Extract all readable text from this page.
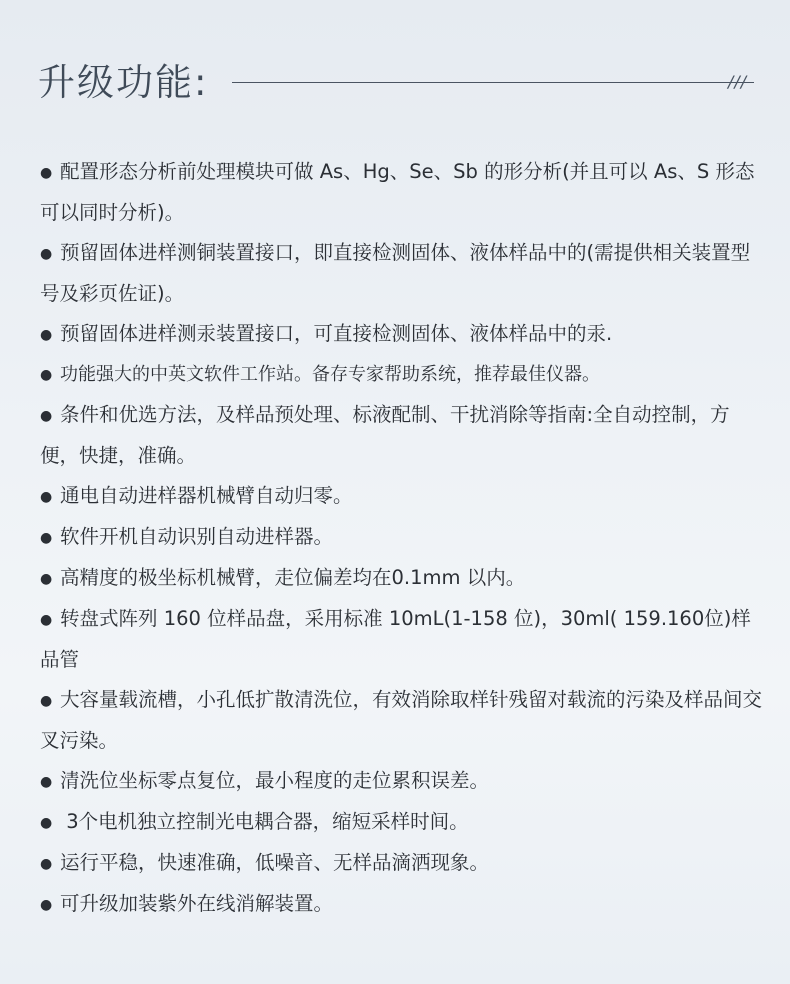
升级功能:	///
● 配置形态分析前处理模块可做 As、Hg、Se、Sb 的形分析(并且可以 As、S 形态 可以同时分析)。
● 预留固体进样测铜装置接口，即直接检测固体、液体样品中的(需提供相关装置型号及彩页佐证)。
● 预留固体进样测汞装置接口，可直接检测固体、液体样品中的汞.
● 功能强大的中英文软件工作站。备存专家帮助系统，推荐最佳仪器。
● 条件和优选方法，及样品预处理、标液配制、干扰消除等指南:全自动控制，方便，快捷，准确。
● 通电自动进样器机械臂自动归零。
● 软件开机自动识别自动进样器。
● 高精度的极坐标机械臂，走位偏差均在0.1mm 以内。
● 转盘式阵列 160 位样品盘，采用标准 10mL(1-158 位)，30ml( 159.160位)样品管
● 大容量载流槽，小孔低扩散清洗位，有效消除取样针残留对载流的污染及样品间交叉污染。
● 清洗位坐标零点复位，最小程度的走位累积误差。
● 3个电机独立控制光电耦合器，缩短采样时间。
● 运行平稳，快速准确，低噪音、无样品滴洒现象。
● 可升级加装紫外在线消解装置。
